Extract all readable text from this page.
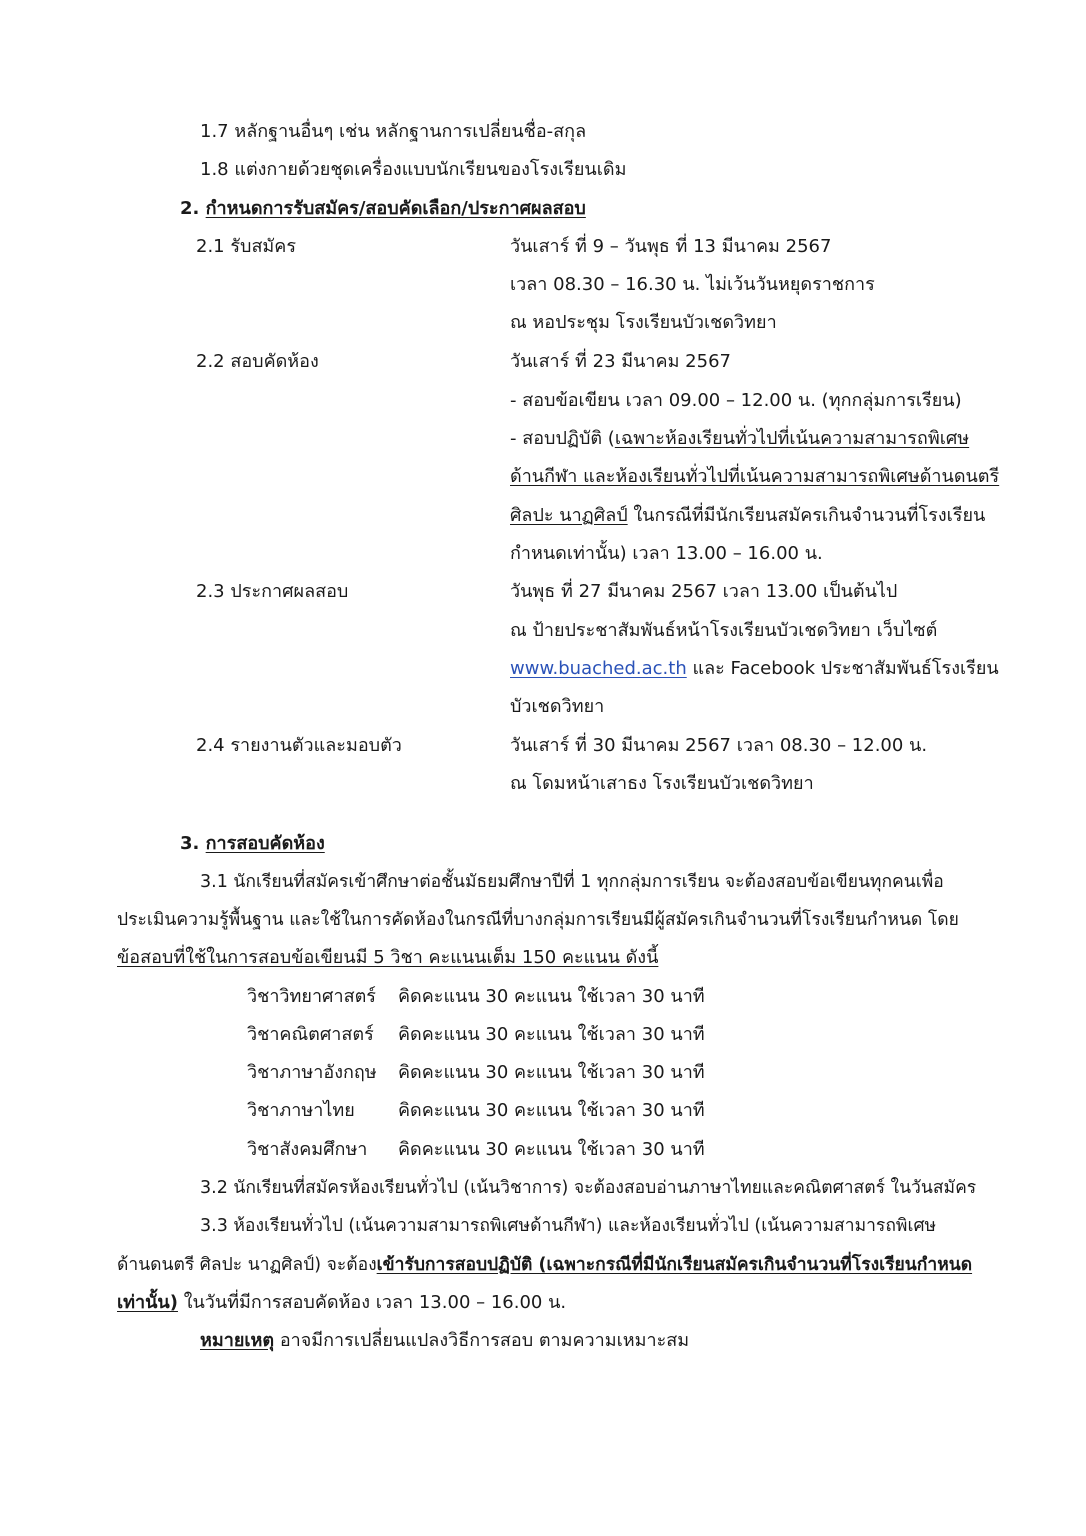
1.7 หลักฐานอื่นๆ เช่น หลักฐานการเปลี่ยนชื่อ-สกุล
1.8 แต่งกายด้วยชุดเครื่องแบบนักเรียนของโรงเรียนเดิม
2. กำหนดการรับสมัคร/สอบคัดเลือก/ประกาศผลสอบ
2.1 รับสมัคร	วันเสาร์ ที่ 9 – วันพุธ ที่ 13 มีนาคม 2567
เวลา 08.30 – 16.30 น. ไม่เว้นวันหยุดราชการ
ณ หอประชุม โรงเรียนบัวเชดวิทยา
2.2 สอบคัดห้อง	วันเสาร์ ที่ 23 มีนาคม 2567
- สอบข้อเขียน เวลา 09.00 – 12.00 น. (ทุกกลุ่มการเรียน)
- สอบปฏิบัติ (เฉพาะห้องเรียนทั่วไปที่เน้นความสามารถพิเศษ
ด้านกีฬา และห้องเรียนทั่วไปที่เน้นความสามารถพิเศษด้านดนตรี
ศิลปะ นาฏศิลป์ ในกรณีที่มีนักเรียนสมัครเกินจำนวนที่โรงเรียน
กำหนดเท่านั้น) เวลา 13.00 – 16.00 น.
2.3 ประกาศผลสอบ	วันพุธ ที่ 27 มีนาคม 2567 เวลา 13.00 เป็นต้นไป
ณ ป้ายประชาสัมพันธ์หน้าโรงเรียนบัวเชดวิทยา เว็บไซต์
www.buached.ac.th และ Facebook ประชาสัมพันธ์โรงเรียน
บัวเชดวิทยา
2.4 รายงานตัวและมอบตัว	วันเสาร์ ที่ 30 มีนาคม 2567 เวลา 08.30 – 12.00 น.
ณ โดมหน้าเสาธง โรงเรียนบัวเชดวิทยา
3. การสอบคัดห้อง
3.1 นักเรียนที่สมัครเข้าศึกษาต่อชั้นมัธยมศึกษาปีที่ 1 ทุกกลุ่มการเรียน จะต้องสอบข้อเขียนทุกคนเพื่อ
ประเมินความรู้พื้นฐาน และใช้ในการคัดห้องในกรณีที่บางกลุ่มการเรียนมีผู้สมัครเกินจำนวนที่โรงเรียนกำหนด โดย
ข้อสอบที่ใช้ในการสอบข้อเขียนมี 5 วิชา คะแนนเต็ม 150 คะแนน ดังนี้
วิชาวิทยาศาสตร์ คิดคะแนน 30 คะแนน ใช้เวลา 30 นาที
วิชาคณิตศาสตร์ คิดคะแนน 30 คะแนน ใช้เวลา 30 นาที
วิชาภาษาอังกฤษ คิดคะแนน 30 คะแนน ใช้เวลา 30 นาที
วิชาภาษาไทย คิดคะแนน 30 คะแนน ใช้เวลา 30 นาที
วิชาสังคมศึกษา คิดคะแนน 30 คะแนน ใช้เวลา 30 นาที
3.2 นักเรียนที่สมัครห้องเรียนทั่วไป (เน้นวิชาการ) จะต้องสอบอ่านภาษาไทยและคณิตศาสตร์ ในวันสมัคร
3.3 ห้องเรียนทั่วไป (เน้นความสามารถพิเศษด้านกีฬา) และห้องเรียนทั่วไป (เน้นความสามารถพิเศษ
ด้านดนตรี ศิลปะ นาฏศิลป์) จะต้องเข้ารับการสอบปฏิบัติ (เฉพาะกรณีที่มีนักเรียนสมัครเกินจำนวนที่โรงเรียนกำหนด
เท่านั้น) ในวันที่มีการสอบคัดห้อง เวลา 13.00 – 16.00 น.
หมายเหตุ อาจมีการเปลี่ยนแปลงวิธีการสอบ ตามความเหมาะสม
